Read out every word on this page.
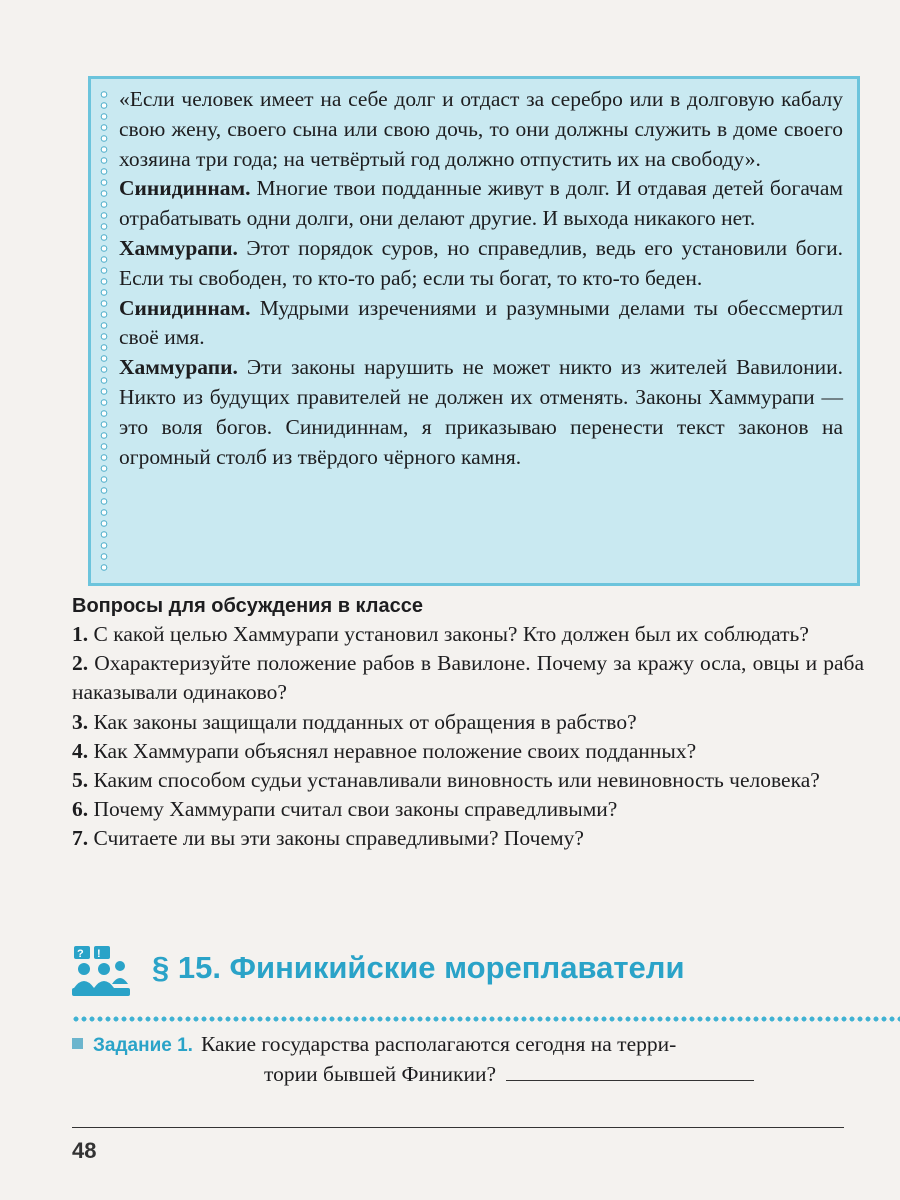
«Если человек имеет на себе долг и отдаст за серебро или в долговую кабалу свою жену, своего сына или свою дочь, то они должны служить в доме своего хозяина три года; на четвёртый год должно отпустить их на свободу».

Синидиннам. Многие твои подданные живут в долг. И отдавая детей богачам отрабатывать одни долги, они делают другие. И выхода никакого нет.

Хаммурапи. Этот порядок суров, но справедлив, ведь его установили боги. Если ты свободен, то кто-то раб; если ты богат, то кто-то беден.

Синидиннам. Мудрыми изречениями и разумными делами ты обессмертил своё имя.

Хаммурапи. Эти законы нарушить не может никто из жителей Вавилонии. Никто из будущих правителей не должен их отменять. Законы Хаммурапи — это воля богов. Синидиннам, я приказываю перенести текст законов на огромный столб из твёрдого чёрного камня.

Вопросы для обсуждения в классе
1. С какой целью Хаммурапи установил законы? Кто должен был их соблюдать?
2. Охарактеризуйте положение рабов в Вавилоне. Почему за кражу осла, овцы и раба наказывали одинаково?
3. Как законы защищали подданных от обращения в рабство?
4. Как Хаммурапи объяснял неравное положение своих подданных?
5. Каким способом судьи устанавливали виновность или невиновность человека?
6. Почему Хаммурапи считал свои законы справедливыми?
7. Считаете ли вы эти законы справедливыми? Почему?
? ! § 15. Финикийские мореплаватели
Задание 1. Какие государства располагаются сегодня на терри-
тории бывшей Финикии?
48
